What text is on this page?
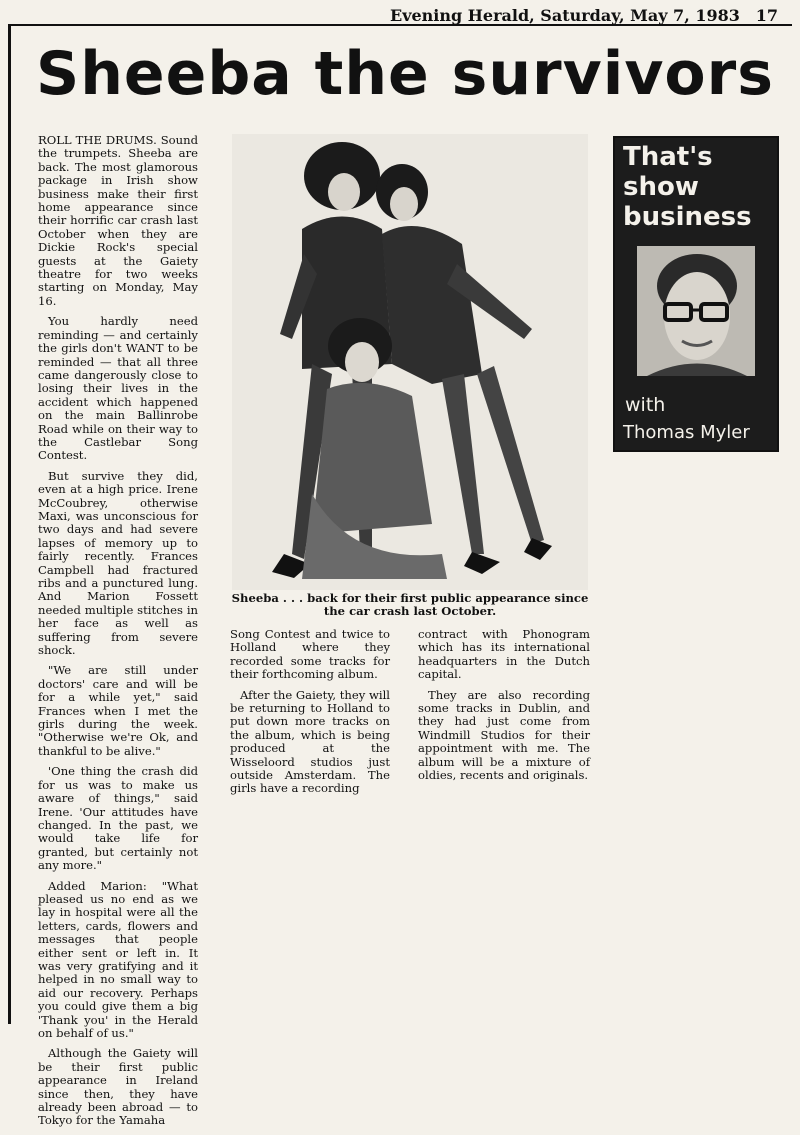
Evening Herald, Saturday, May 7, 1983 17
Sheeba the survivors

ROLL THE DRUMS. Sound the trumpets. Sheeba are back. The most glamorous package in Irish show business make their first home appearance since their horrific car crash last October when they are Dickie Rock's special guests at the Gaiety theatre for two weeks starting on Monday, May 16.

You hardly need reminding — and certainly the girls don't WANT to be reminded — that all three came dangerously close to losing their lives in the accident which happened on the main Ballinrobe Road while on their way to the Castlebar Song Contest.

But survive they did, even at a high price. Irene McCoubrey, otherwise Maxi, was unconscious for two days and had severe lapses of memory up to fairly recently. Frances Campbell had fractured ribs and a punctured lung. And Marion Fossett needed multiple stitches in her face as well as suffering from severe shock.

"We are still under doctors' care and will be for a while yet," said Frances when I met the girls during the week. "Otherwise we're Ok, and thankful to be alive."

'One thing the crash did for us was to make us aware of things," said Irene. 'Our attitudes have changed. In the past, we would take life for granted, but certainly not any more."

Added Marion: "What pleased us no end as we lay in hospital were all the letters, cards, flowers and messages that people either sent or left in. It was very gratifying and it helped in no small way to aid our recovery. Perhaps you could give them a big 'Thank you' in the Herald on behalf of us."

Although the Gaiety will be their first public appearance in Ireland since then, they have already been abroad — to Tokyo for the Yamaha

Sheeba . . . back for their first public appearance since the car crash last October.
That's show business
with
Thomas Myler

Song Contest and twice to Holland where they recorded some tracks for their forthcoming album.

After the Gaiety, they will be returning to Holland to put down more tracks on the album, which is being produced at the Wisseloord studios just outside Amsterdam. The girls have a recording

contract with Phonogram which has its international headquarters in the Dutch capital.

They are also recording some tracks in Dublin, and they had just come from Windmill Studios for their appointment with me. The album will be a mixture of oldies, recents and originals.
